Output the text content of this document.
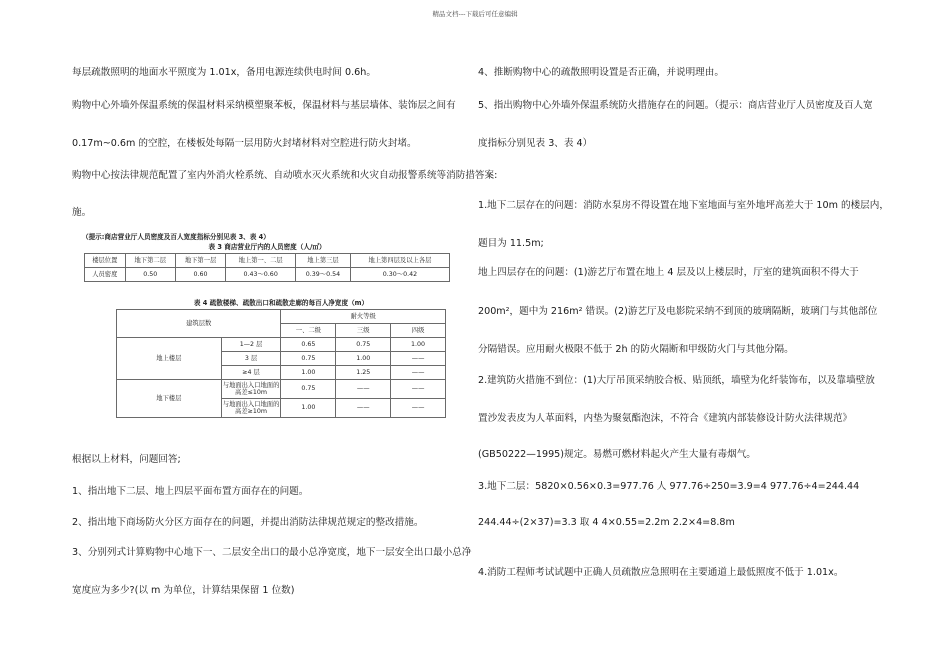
精品文档---下载后可任意编辑
每层疏散照明的地面水平照度为 1.01x，备用电源连续供电时间 0.6h。
购物中心外墙外保温系统的保温材料采纳模塑聚苯板，保温材料与基层墙体、装饰层之间有
0.17m~0.6m 的空腔，在楼板处每隔一层用防火封堵材料对空腔进行防火封堵。
购物中心按法律规范配置了室内外消火栓系统、自动喷水灭火系统和火灾自动报警系统等消防措答案:
施。
（提示:商店营业厅人员密度及百人宽度指标分别见表 3、表 4）
表 3 商店营业厅内的人员密度（人/㎡）
楼层位置	地下第二层	地下第一层	地上第一、二层	地上第三层	地上第四层及以上各层
人员密度	0.50	0.60	0.43～0.60	0.39～0.54	0.30～0.42
表 4 疏散楼梯、疏散出口和疏散走廊的每百人净宽度（m）
建筑层数		耐火等级		
		一、二级	三级	四级
地上楼层	1—2 层	0.65	0.75	1.00
	3 层	0.75	1.00	——
	≥4 层	1.00	1.25	——
地下楼层	与地面出入口地面的高差≤10m	0.75	——	——
	与地面出入口地面的高差≥10m	1.00	——	——
根据以上材料，问题回答;
1、指出地下二层、地上四层平面布置方面存在的问题。
2、指出地下商场防火分区方面存在的问题，并提出消防法律规范规定的整改措施。
3、分别列式计算购物中心地下一、二层安全出口的最小总净宽度，地下一层安全出口最小总净
宽度应为多少?(以 m 为单位，计算结果保留 1 位数)
4、推断购物中心的疏散照明设置是否正确，并说明理由。
5、指出购物中心外墙外保温系统防火措施存在的问题。（提示：商店营业厅人员密度及百人宽
度指标分别见表 3、表 4）
1.地下二层存在的问题：消防水泵房不得设置在地下室地面与室外地坪高差大于 10m 的楼层内，
题目为 11.5m;
地上四层存在的问题：(1)游艺厅布置在地上 4 层及以上楼层时，厅室的建筑面积不得大于
200m²，题中为 216m² 错误。(2)游艺厅及电影院采纳不到顶的玻璃隔断，玻璃门与其他部位
分隔错误。应用耐火极限不低于 2h 的防火隔断和甲级防火门与其他分隔。
2.建筑防火措施不到位：(1)大厅吊顶采纳胶合板、贴顶纸，墙壁为化纤装饰布，以及靠墙壁放
置沙发表皮为人革面料，内垫为聚氨酯泡沫，不符合《建筑内部装修设计防火法律规范》
(GB50222—1995)规定。易燃可燃材料起火产生大量有毒烟气。
3.地下二层：5820×0.56×0.3=977.76 人 977.76÷250=3.9=4 977.76÷4=244.44
244.44÷(2×37)=3.3 取 4 4×0.55=2.2m 2.2×4=8.8m
4.消防工程师考试试题中正确人员疏散应急照明在主要通道上最低照度不低于 1.01x。
